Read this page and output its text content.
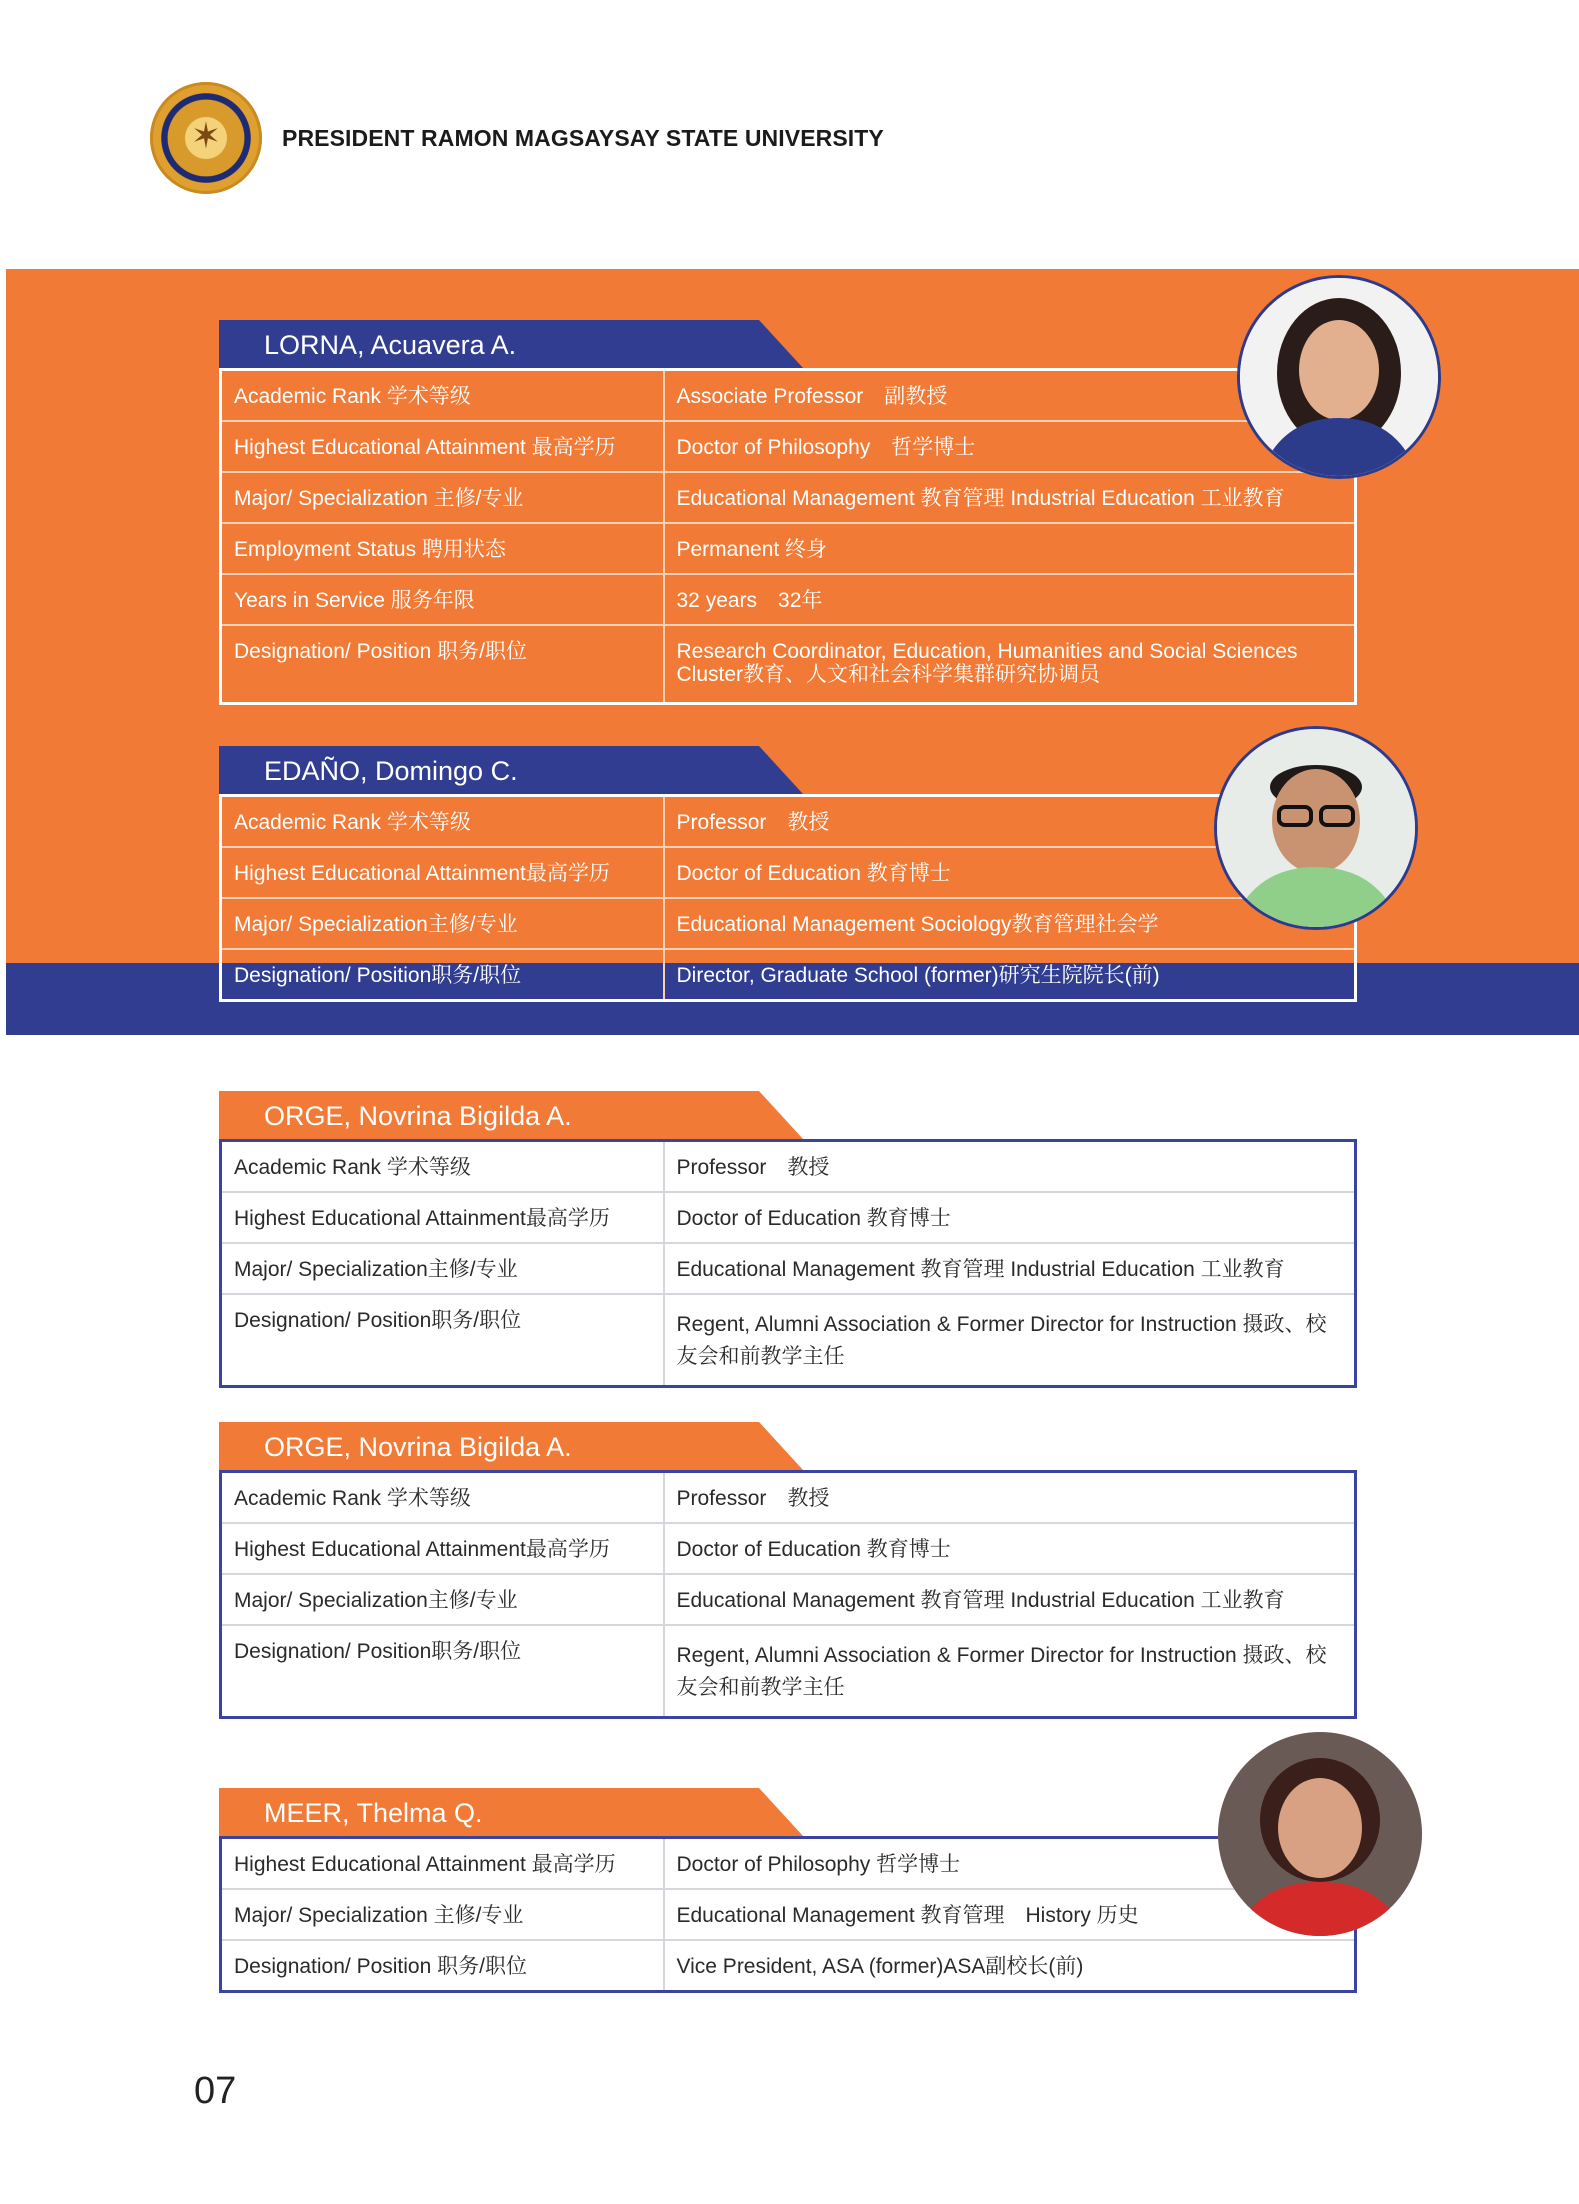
✶	PRESIDENT RAMON MAGSAYSAY STATE UNIVERSITY
LORNA, Acuavera A.
Academic Rank 学术等级	Associate Professor　副教授
Highest Educational Attainment 最高学历	Doctor of Philosophy　哲学博士
Major/ Specialization 主修/专业	Educational Management 教育管理 Industrial Education 工业教育
Employment Status 聘用状态	Permanent 终身
Years in Service 服务年限	32 years　32年
Designation/ Position 职务/职位	Research Coordinator, Education, Humanities and Social Sciences Cluster教育、人文和社会科学集群研究协调员
EDAÑO, Domingo C.
Academic Rank 学术等级	Professor　教授
Highest Educational Attainment最高学历	Doctor of Education 教育博士
Major/ Specialization主修/专业	Educational Management Sociology教育管理社会学
Designation/ Position职务/职位	Director, Graduate School (former)研究生院院长(前)
ORGE, Novrina Bigilda A.
Academic Rank 学术等级	Professor　教授
Highest Educational Attainment最高学历	Doctor of Education 教育博士
Major/ Specialization主修/专业	Educational Management 教育管理 Industrial Education 工业教育
Designation/ Position职务/职位	Regent, Alumni Association & Former Director for Instruction 摄政、校友会和前教学主任
ORGE, Novrina Bigilda A.
Academic Rank 学术等级	Professor　教授
Highest Educational Attainment最高学历	Doctor of Education 教育博士
Major/ Specialization主修/专业	Educational Management 教育管理 Industrial Education 工业教育
Designation/ Position职务/职位	Regent, Alumni Association & Former Director for Instruction 摄政、校友会和前教学主任
MEER, Thelma Q.
Highest Educational Attainment 最高学历	Doctor of Philosophy 哲学博士
Major/ Specialization 主修/专业	Educational Management 教育管理　History 历史
Designation/ Position 职务/职位	Vice President, ASA (former)ASA副校长(前)
07
